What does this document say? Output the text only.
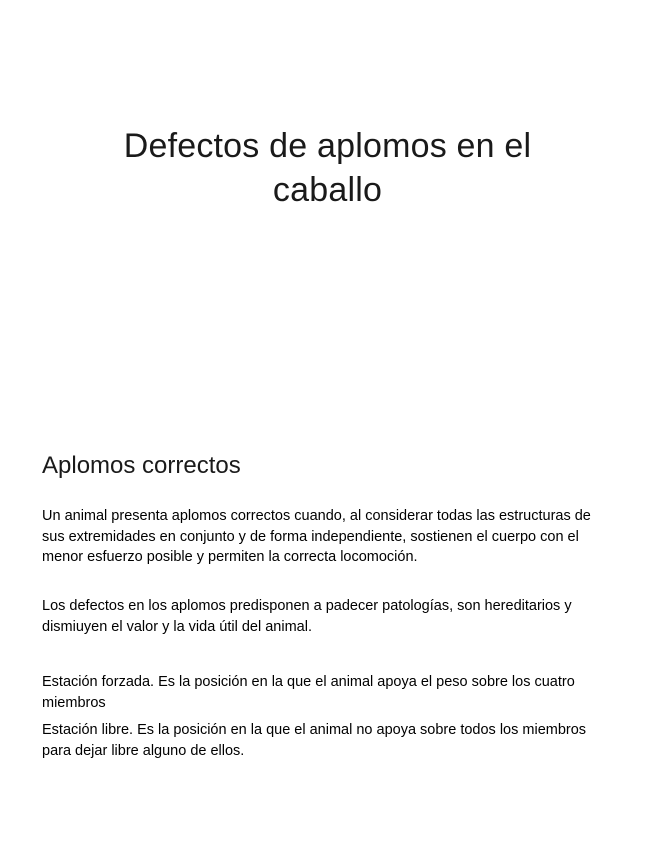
Defectos de aplomos en el
caballo
Aplomos correctos

Un animal presenta aplomos correctos cuando, al considerar todas las estructuras de sus extremidades en conjunto y de forma independiente, sostienen el cuerpo con el menor esfuerzo posible y permiten la correcta locomoción.

Los defectos en los aplomos predisponen a padecer patologías, son hereditarios y dismiuyen el valor y la vida útil del animal.

Estación forzada. Es la posición en la que el animal apoya el peso sobre los cuatro miembros

Estación libre. Es la posición en la que el animal no apoya sobre todos los miembros para dejar libre alguno de ellos.
